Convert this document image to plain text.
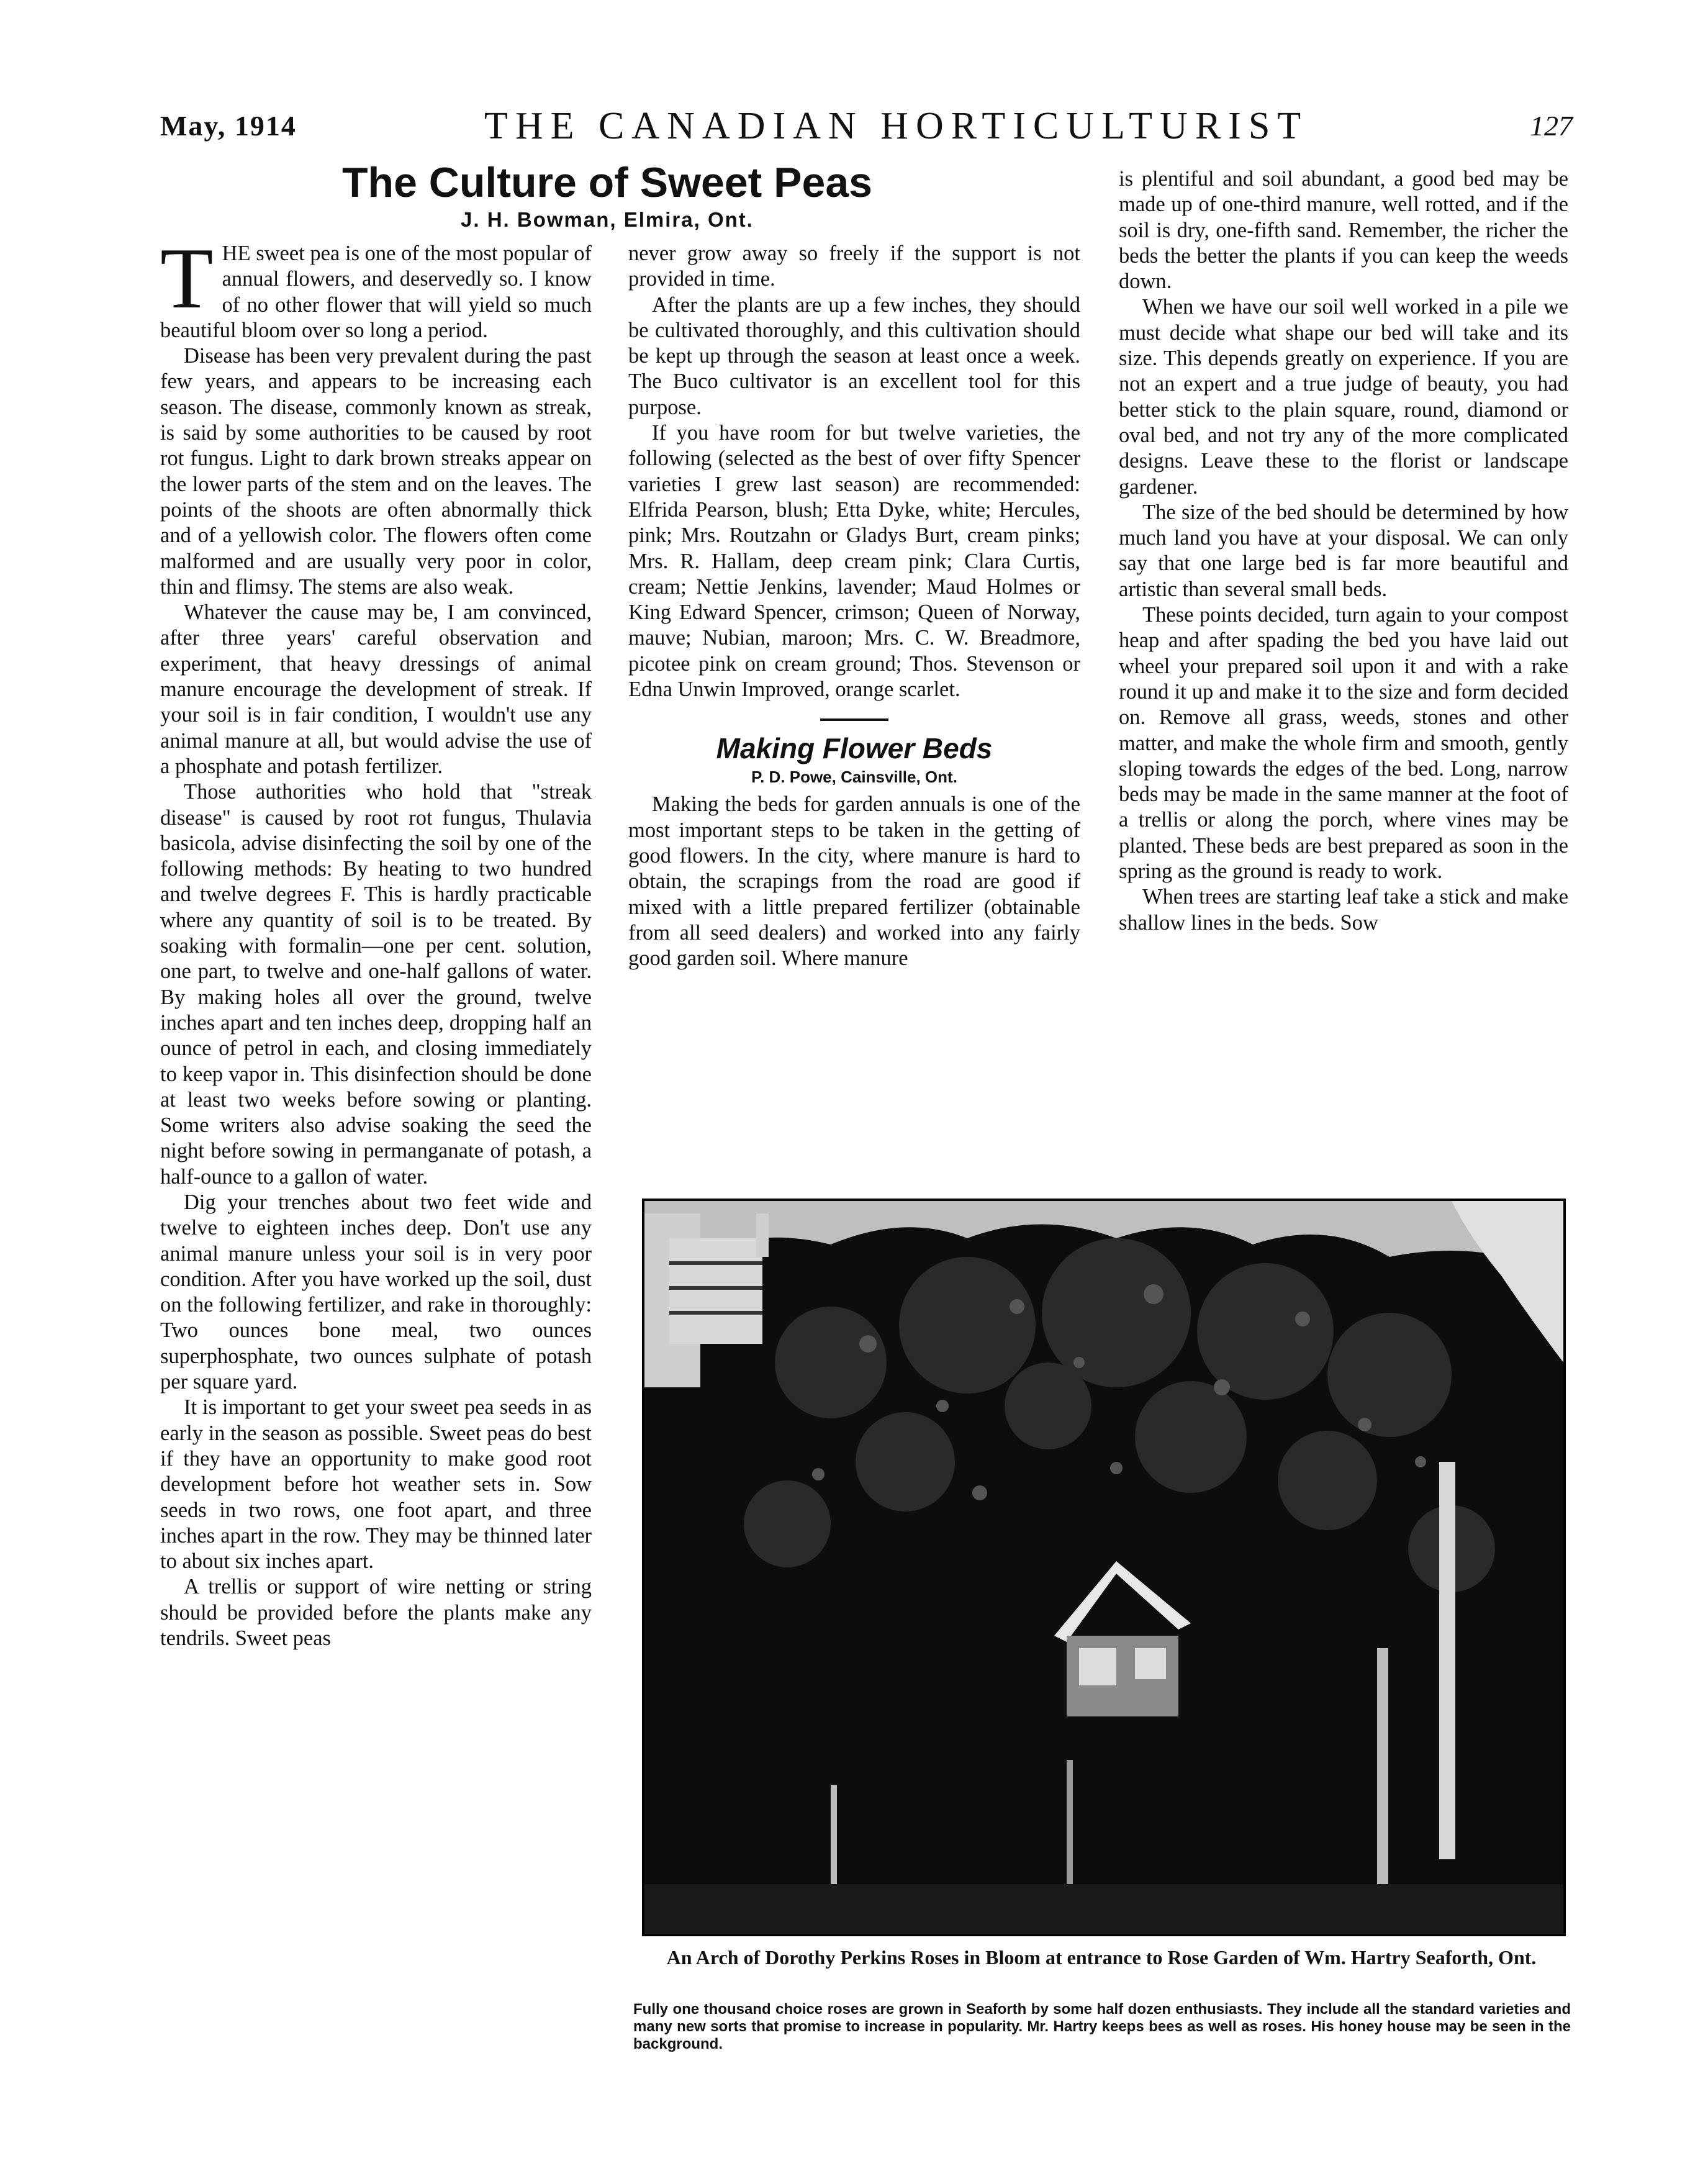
May, 1914	THE CANADIAN HORTICULTURIST	127
The Culture of Sweet Peas
J. H. Bowman, Elmira, Ont.

THE sweet pea is one of the most popular of annual flowers, and deservedly so. I know of no other flower that will yield so much beautiful bloom over so long a period.

Disease has been very prevalent during the past few years, and appears to be increasing each season. The disease, commonly known as streak, is said by some authorities to be caused by root rot fungus. Light to dark brown streaks appear on the lower parts of the stem and on the leaves. The points of the shoots are often abnormally thick and of a yellowish color. The flowers often come malformed and are usually very poor in color, thin and flimsy. The stems are also weak.

Whatever the cause may be, I am convinced, after three years' careful observation and experiment, that heavy dressings of animal manure encourage the development of streak. If your soil is in fair condition, I wouldn't use any animal manure at all, but would advise the use of a phosphate and potash fertilizer.

Those authorities who hold that "streak disease" is caused by root rot fungus, Thulavia basicola, advise disinfecting the soil by one of the following methods: By heating to two hundred and twelve degrees F. This is hardly practicable where any quantity of soil is to be treated. By soaking with formalin—one per cent. solution, one part, to twelve and one-half gallons of water. By making holes all over the ground, twelve inches apart and ten inches deep, dropping half an ounce of petrol in each, and closing immediately to keep vapor in. This disinfection should be done at least two weeks before sowing or planting. Some writers also advise soaking the seed the night before sowing in permanganate of potash, a half-ounce to a gallon of water.

Dig your trenches about two feet wide and twelve to eighteen inches deep. Don't use any animal manure unless your soil is in very poor condition. After you have worked up the soil, dust on the following fertilizer, and rake in thoroughly: Two ounces bone meal, two ounces superphosphate, two ounces sulphate of potash per square yard.

It is important to get your sweet pea seeds in as early in the season as possible. Sweet peas do best if they have an opportunity to make good root development before hot weather sets in. Sow seeds in two rows, one foot apart, and three inches apart in the row. They may be thinned later to about six inches apart.

A trellis or support of wire netting or string should be provided before the plants make any tendrils. Sweet peas

never grow away so freely if the support is not provided in time.

After the plants are up a few inches, they should be cultivated thoroughly, and this cultivation should be kept up through the season at least once a week. The Buco cultivator is an excellent tool for this purpose.

If you have room for but twelve varieties, the following (selected as the best of over fifty Spencer varieties I grew last season) are recommended: Elfrida Pearson, blush; Etta Dyke, white; Hercules, pink; Mrs. Routzahn or Gladys Burt, cream pinks; Mrs. R. Hallam, deep cream pink; Clara Curtis, cream; Nettie Jenkins, lavender; Maud Holmes or King Edward Spencer, crimson; Queen of Norway, mauve; Nubian, maroon; Mrs. C. W. Breadmore, picotee pink on cream ground; Thos. Stevenson or Edna Unwin Improved, orange scarlet.

Making Flower Beds
P. D. Powe, Cainsville, Ont.

Making the beds for garden annuals is one of the most important steps to be taken in the getting of good flowers. In the city, where manure is hard to obtain, the scrapings from the road are good if mixed with a little prepared fertilizer (obtainable from all seed dealers) and worked into any fairly good garden soil. Where manure

is plentiful and soil abundant, a good bed may be made up of one-third manure, well rotted, and if the soil is dry, one-fifth sand. Remember, the richer the beds the better the plants if you can keep the weeds down.

When we have our soil well worked in a pile we must decide what shape our bed will take and its size. This depends greatly on experience. If you are not an expert and a true judge of beauty, you had better stick to the plain square, round, diamond or oval bed, and not try any of the more complicated designs. Leave these to the florist or landscape gardener.

The size of the bed should be determined by how much land you have at your disposal. We can only say that one large bed is far more beautiful and artistic than several small beds.

These points decided, turn again to your compost heap and after spading the bed you have laid out wheel your prepared soil upon it and with a rake round it up and make it to the size and form decided on. Remove all grass, weeds, stones and other matter, and make the whole firm and smooth, gently sloping towards the edges of the bed. Long, narrow beds may be made in the same manner at the foot of a trellis or along the porch, where vines may be planted. These beds are best prepared as soon in the spring as the ground is ready to work.

When trees are starting leaf take a stick and make shallow lines in the beds. Sow

An Arch of Dorothy Perkins Roses in Bloom at entrance to Rose Garden of Wm. Hartry Seaforth, Ont.
Fully one thousand choice roses are grown in Seaforth by some half dozen enthusiasts. They include all the standard varieties and many new sorts that promise to increase in popularity. Mr. Hartry keeps bees as well as roses. His honey house may be seen in the background.
